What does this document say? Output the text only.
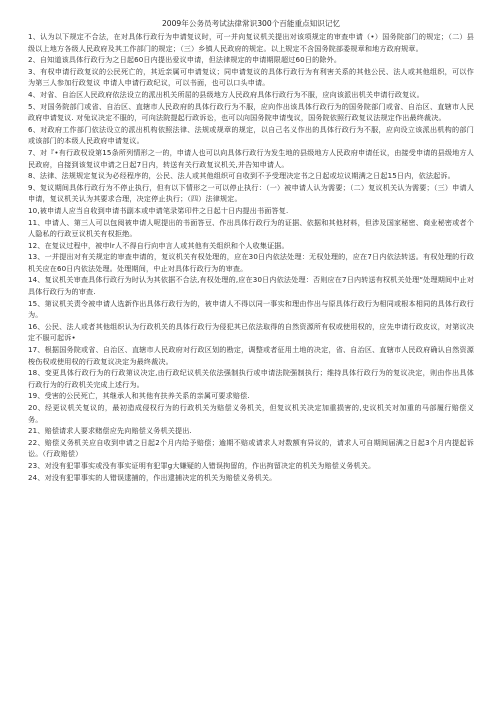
2009年公务员考试法律常识300个百能重点知识记忆

1、认为以下规定不合法，在对具体行政行为申请复议时，可一并向复议机关提出对该项规定的审查申请（•）国务院部门的规定；（二）县级以上地方各级人民政府及其工作部门的规定；（三）乡镇人民政府的规定。以上规定不含国务院部委规章和地方政府规章。

2、自知道该具体行政行为之日起60日内提出爱议申请，但法律规定的申请期限超过60日的除外。

3、有权申请行政复议的公民死亡的，其近亲属可申请复议；同申请复议的具体行政行为有利害关系的其他公民、法人或其他组织，可以作为第三人参加行政复议 申请人申请行政纪议，可以书面，也可以口头申请。

4、对省、自治区人民政府依法设立的派出机关所屈的县级地方人民政府具体行政行为不服，应向该派出机关申请行政复议。

5、对国务院部门或省、自治区、直辖市人民政府的具体行政行为不服，应向作出该具体行政行为的国务院部门或省、自治区、直辖市人民政府申请复议. 对兔议决定不服的，可向法院提起行政诉讼，也可以向国务院申请曳议，国务院依照行政复议法规定作出最终裁决。

6、对政府工作部门依法设立的派出机构依照法律、法规或规章的规定，以自己名义作出的具体行政行为不服，应向设立该派出机构的部门或该部门的本级人民政府申请复议。

7、对『•有行政权设第15条所列情形之一的，申请人也可以向具体行政行为发生地的县级地方人民政府申请任议，由接受申请的县级地方人民政府，自接到该复议申请之日起7日内，转送有关行政复议机关,并告知申请人。

8、法律、法规规定复议为必经程序的，公民、法人或其他组织可自收到不予受理决定书之日起或垃议期满之日起15日内，依法起诉。

9、复议期间具体行政行为不停止执行，但有以下情形之一可以停止执行：（一）被申请人认为需要；（二）复议机关认为需要；（三）申请人申请，复议机关认为其要求合理，决定停止执行；（四）法律规定。

10,被申请人应当自收到申请书副本或申请笔录笫印件之日起十日内提出书面答复.

11、申请人、第三人可以包阅被申请人呢提出的书面答豆、作出具体行政行为的证据、依据和其他材料，但涉及国家秘密、商业秘密或者个人隐私的行政豆议机关有权拒绝。

12、在复议过程中，被申lr人不得自行向申言人或其他有关组织和个人收集证据。

13、一并提出对有关规定的审查申请的，复议机关有权处理的，应在30日内依法处理：无权处理的，应在7日内依法转送。有权处理的行政机关应在60日内依法处理。处理期间，中止对具体行政行为的审查。

14、复议机关审查具体行政行为时认为其依据不合法,有权处理的,应在30日内依法处理：否则应在7日内转送有权机关处理“处理期间中止对具体行政行为的审查.

15、第议机关责令被申请人选新作出具体行政行为的，被申请人不得以同一事实和理由作出与原具体行政行为相同或根本相同的具体行政行为。

16、公民、法人或者其他组织认为行政机关的具体行政行为侵犯其已依法取得的自然资源所有权或使用权的，应先申请行政皮议，对第议决定不服可起诉•

17、根据国务院或省、自治区、直辖市人民政府对行政区划的勘定，调整或者征用土地的决定，省、自治区、直辖市人民政府确认自然资源梭伤权或使用权的行政复议决定为最终裁决。

18、变更具体行政行为的行政第议决定,由行政纪议机关依法强制执行或申请法院强制执行；维持具体行政行为的复议决定，则由作出具体行政行为的行政机关完成上述行为。

19、受害的公民死亡，其继承人和其他有扶养关系的亲属可要求赔偿.

20、经更议机关复议的，最初造成侵权行为的行政机关为赔偿义务机关，但复议机关决定加重损害的,史议机关对加重的马部履行赔偿义务。

21、赔偿请求人要求赌偿应先向赔偿义务机关提出.

22、赔偿义务机关应自收到申请之日起2个月内给予赔偿；逾期不赔或请求人对数额有异议的，请求人可自期间届满之日起3个月内提起诉讼。（行政赔偿）

23、对没有犯罪事实或没有事实证明有犯罪g大嫌疑的人错误拘留的，作出拘留决定的机关为赔偿义务机关。

24、对没有犯罪事实的人错误逮捕的，作出逮捕决定的机关为赔偿义务机关。
